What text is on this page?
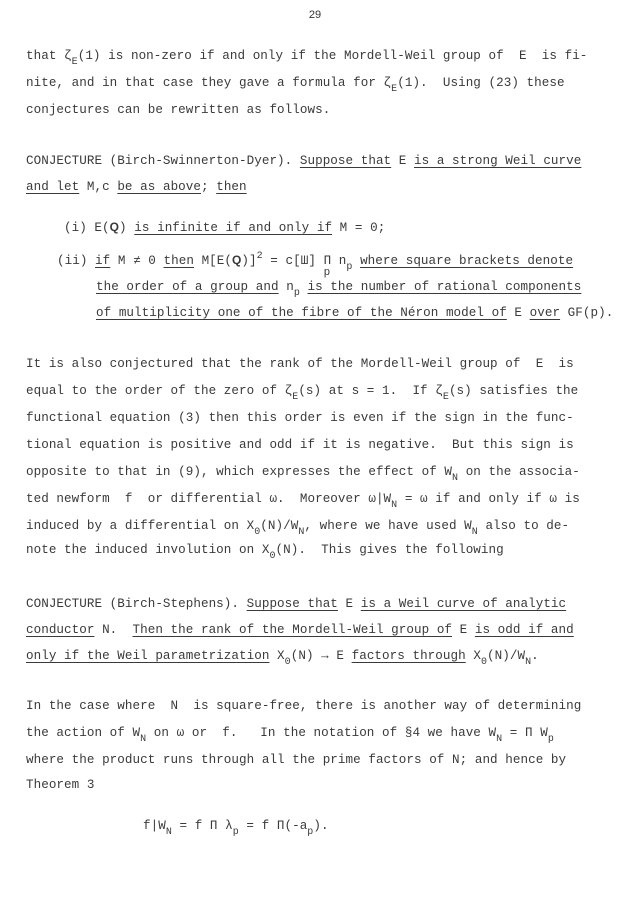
29
that $\zeta_E(1)$ is non-zero if and only if the Mordell-Weil group of  E  is fi-
nite, and in that case they gave a formula for $\zeta_E(1)$.  Using (23) these
conjectures can be rewritten as follows.
CONJECTURE (Birch-Swinnerton-Dyer). Suppose that E is a strong Weil curve
and let M,c be as above; then
(i) E(Q) is infinite if and only if M = 0;
(ii) if M ≠ 0 then $M[E(Q)]^2 = c[Ш]$ Π
p
$n_p$ where square brackets denote
the order of a group and $n_p$ is the number of rational components
of multiplicity one of the fibre of the Néron model of E over GF(p).
It is also conjectured that the rank of the Mordell-Weil group of  E  is
equal to the order of the zero of $\zeta_E(s)$ at s = 1.  If $\zeta_E(s)$ satisfies the
functional equation (3) then this order is even if the sign in the func-
tional equation is positive and odd if it is negative.  But this sign is
opposite to that in (9), which expresses the effect of $W_N$ on the associa-
ted newform  f  or differential ω.  Moreover $\omega|W_N = \omega$ if and only if ω is
induced by a differential on $X_0(N)/W_N$, where we have used $W_N$ also to de-
note the induced involution on $X_0(N)$.  This gives the following
CONJECTURE (Birch-Stephens). Suppose that E is a Weil curve of analytic
conductor N.  Then the rank of the Mordell-Weil group of E is odd if and
only if the Weil parametrization $X_0(N) \to E$ factors through $X_0(N)/W_N$.
In the case where  N  is square-free, there is another way of determining
the action of $W_N$ on ω or  f.   In the notation of §4 we have $W_N = \Pi$ $W_p$
where the product runs through all the prime factors of N; and hence by
Theorem 3
$f|W_N = f$ Π $\lambda_p = f$ $\Pi(-a_p)$.
